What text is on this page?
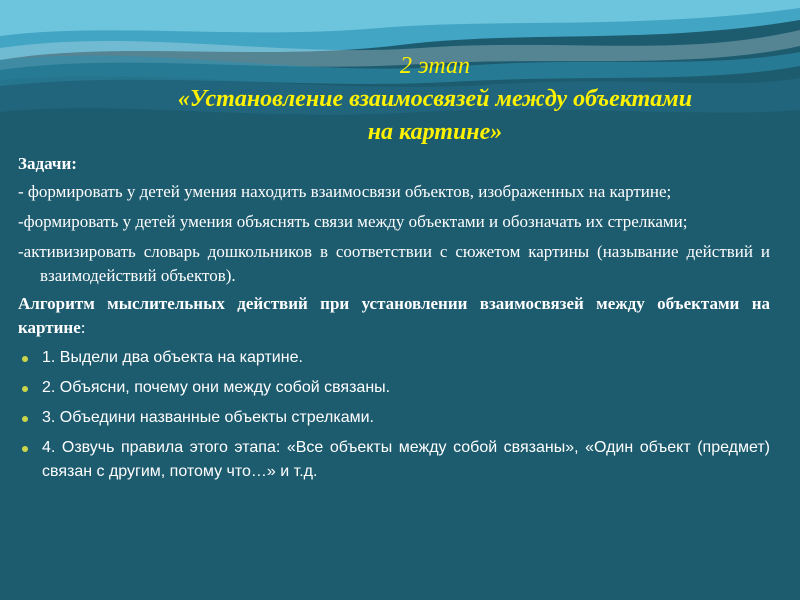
2 этап
«Установление взаимосвязей между объектами
на картине»
Задачи:
- формировать у детей умения находить взаимосвязи объектов, изображенных на картине;
-формировать у детей умения объяснять связи между объектами и обозначать их стрелками;
-активизировать словарь дошкольников в соответствии с сюжетом картины (называние действий и взаимодействий объектов).
Алгоритм мыслительных действий при установлении взаимосвязей между объектами на картине:
1. Выдели два объекта на картине.
2. Объясни, почему они между собой связаны.
3. Объедини названные объекты стрелками.
4. Озвучь правила этого этапа: «Все объекты между собой связаны», «Один объект (предмет) связан с другим, потому что…» и т.д.
